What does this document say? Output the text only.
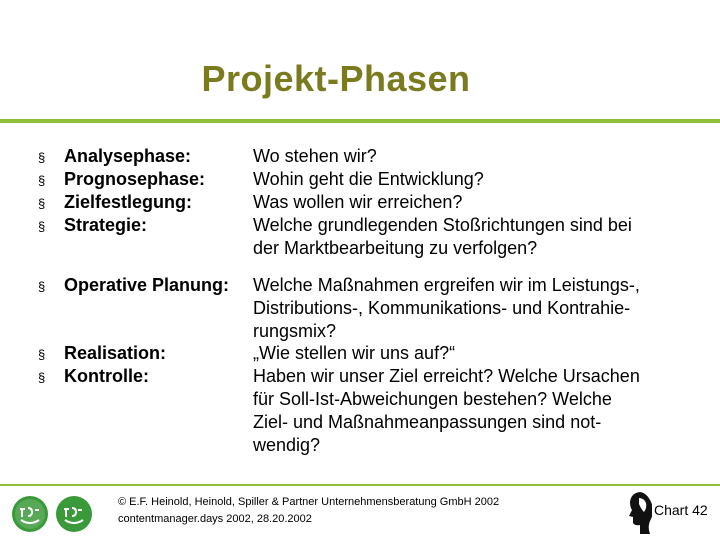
Projekt-Phasen
§ Analysephase:	Wo stehen wir?
§ Prognosephase:	Wohin geht die Entwicklung?
§ Zielfestlegung:	Was wollen wir erreichen?
§ Strategie:	Welche grundlegenden Stoßrichtungen sind bei
der Marktbearbeitung zu verfolgen?
§ Operative Planung: Welche Maßnahmen ergreifen wir im Leistungs-,
Distributions-, Kommunikations- und Kontrahie-
rungsmix?
§ Realisation:	„Wie stellen wir uns auf?“
§ Kontrolle:	Haben wir unser Ziel erreicht? Welche Ursachen
für Soll-Ist-Abweichungen bestehen? Welche
Ziel- und Maßnahmeanpassungen sind not-
wendig?
© E.F. Heinold, Heinold, Spiller & Partner Unternehmensberatung GmbH 2002
contentmanager.days 2002, 28.20.2002
Chart 42
